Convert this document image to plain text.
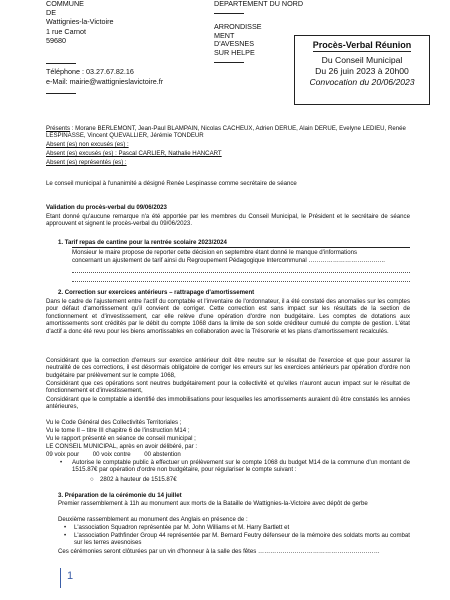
COMMUNE
DE
Wattignies-la-Victoire
1 rue Carnot
59680
Téléphone : 03.27.67.82.16
e-Mail: mairie@wattignieslavictoire.fr
DEPARTEMENT DU NORD
ARRONDISSE
MENT
D'AVESNES
SUR HELPE
Procès-Verbal Réunion
Du Conseil Municipal
Du 26 juin 2023 à 20h00
Convocation du 20/06/2023
Présents : Morane BERLEMONT, Jean-Paul BLAMPAIN, Nicolas CACHEUX, Adrien DERUE, Alain DERUE, Evelyne LEDIEU, Renée LESPINASSE, Vincent QUEVALLIER, Jérémie TONDEUR
Absent (es) non excusés (es) :
Absent (es) excusés (es) : Pascal CARLIER, Nathalie HANCART
Absent (es) représentés (es) :
Le conseil municipal à l'unanimité a désigné Renée Lespinasse comme secrétaire de séance
Validation du procès-verbal du 09/06/2023
Etant donné qu'aucune remarque n'a été apportée par les membres du Conseil Municipal, le Président et le secrétaire de séance approuvent et signent le procès-verbal du 09/06/2023.
1. Tarif repas de cantine pour la rentrée scolaire 2023/2024
Monsieur le maire propose de reporter cette décision en septembre étant donné le manque d'informations
concernant un ajustement de tarif ainsi du Regroupement Pédagogique Intercommunal ………………………………..
2. Correction sur exercices antérieurs – rattrapage d'amortissement
Dans le cadre de l'ajustement entre l'actif du comptable et l'inventaire de l'ordonnateur, il a été constaté des anomalies sur les comptes pour défaut d'amortissement qu'il convient de corriger. Cette correction est sans impact sur les résultats de la section de fonctionnement et d'investissement, car elle relève d'une opération d'ordre non budgétaire. Les comptes de dotations aux amortissements sont crédités par le débit du compte 1068 dans la limite de son solde créditeur cumulé du compte de gestion. L'état d'actif a donc été revu pour les biens amortissables en collaboration avec la Trésorerie et les plans d'amortissement recalculés.
Considérant que la correction d'erreurs sur exercice antérieur doit être neutre sur le résultat de l'exercice et que pour assurer la neutralité de ces corrections, il est désormais obligatoire de corriger les erreurs sur les exercices antérieurs par opération d'ordre non budgétaire par prélèvement sur le compte 1068,
Considérant que ces opérations sont neutres budgétairement pour la collectivité et qu'elles n'auront aucun impact sur le résultat de fonctionnement et d'investissement,
Considérant que le comptable a identifié des immobilisations pour lesquelles les amortissements auraient dû être constatés les années antérieures,
Vu le Code Général des Collectivités Territoriales ;
Vu le tome II – titre III chapitre 6 de l'instruction M14 ;
Vu le rapport présenté en séance de conseil municipal ;
LE CONSEIL MUNICIPAL, après en avoir délibéré, par :
09 voix pour        00 voix contre        00 abstention
• Autorise le comptable public à effectuer un prélèvement sur le compte 1068 du budget M14 de la commune d'un montant de 1515.87€ par opération d'ordre non budgétaire, pour régulariser le compte suivant :
○ 2802 à hauteur de 1515.87€
3. Préparation de la cérémonie du 14 juillet
Premier rassemblement à 11h au monument aux morts de la Bataille de Wattignies-la-Victoire avec dépôt de gerbe
Deuxième rassemblement au monument des Anglais en présence de :
• L'association Squadron représentée par M. John Williams et M. Harry Bartlett et
• L'association Pathfinder Group 44 représentée par M. Bernard Feutry défenseur de la mémoire des soldats morts au combat sur les terres avesnoises
Ces cérémonies seront clôturées par un vin d'honneur à la salle des fêtes ……………………………………………………
1
